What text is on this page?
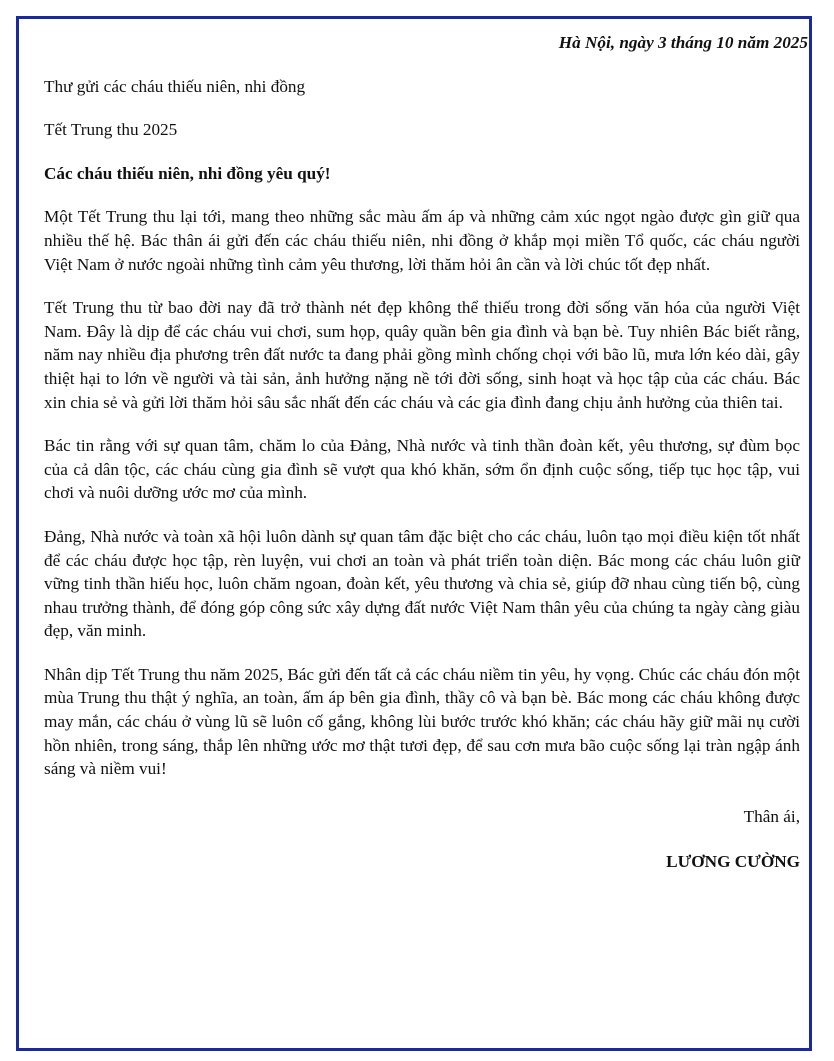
Hà Nội, ngày 3 tháng 10 năm 2025

Thư gửi các cháu thiếu niên, nhi đồng

Tết Trung thu 2025

Các cháu thiếu niên, nhi đồng yêu quý!

Một Tết Trung thu lại tới, mang theo những sắc màu ấm áp và những cảm xúc ngọt ngào được gìn giữ qua nhiều thế hệ. Bác thân ái gửi đến các cháu thiếu niên, nhi đồng ở khắp mọi miền Tổ quốc, các cháu người Việt Nam ở nước ngoài những tình cảm yêu thương, lời thăm hỏi ân cần và lời chúc tốt đẹp nhất.

Tết Trung thu từ bao đời nay đã trở thành nét đẹp không thể thiếu trong đời sống văn hóa của người Việt Nam. Đây là dịp để các cháu vui chơi, sum họp, quây quần bên gia đình và bạn bè. Tuy nhiên Bác biết rằng, năm nay nhiều địa phương trên đất nước ta đang phải gồng mình chống chọi với bão lũ, mưa lớn kéo dài, gây thiệt hại to lớn về người và tài sản, ảnh hưởng nặng nề tới đời sống, sinh hoạt và học tập của các cháu. Bác xin chia sẻ và gửi lời thăm hỏi sâu sắc nhất đến các cháu và các gia đình đang chịu ảnh hưởng của thiên tai.

Bác tin rằng với sự quan tâm, chăm lo của Đảng, Nhà nước và tinh thần đoàn kết, yêu thương, sự đùm bọc của cả dân tộc, các cháu cùng gia đình sẽ vượt qua khó khăn, sớm ổn định cuộc sống, tiếp tục học tập, vui chơi và nuôi dưỡng ước mơ của mình.

Đảng, Nhà nước và toàn xã hội luôn dành sự quan tâm đặc biệt cho các cháu, luôn tạo mọi điều kiện tốt nhất để các cháu được học tập, rèn luyện, vui chơi an toàn và phát triển toàn diện. Bác mong các cháu luôn giữ vững tinh thần hiếu học, luôn chăm ngoan, đoàn kết, yêu thương và chia sẻ, giúp đỡ nhau cùng tiến bộ, cùng nhau trưởng thành, để đóng góp công sức xây dựng đất nước Việt Nam thân yêu của chúng ta ngày càng giàu đẹp, văn minh.

Nhân dịp Tết Trung thu năm 2025, Bác gửi đến tất cả các cháu niềm tin yêu, hy vọng. Chúc các cháu đón một mùa Trung thu thật ý nghĩa, an toàn, ấm áp bên gia đình, thầy cô và bạn bè. Bác mong các cháu không được may mắn, các cháu ở vùng lũ sẽ luôn cố gắng, không lùi bước trước khó khăn; các cháu hãy giữ mãi nụ cười hồn nhiên, trong sáng, thắp lên những ước mơ thật tươi đẹp, để sau cơn mưa bão cuộc sống lại tràn ngập ánh sáng và niềm vui!

Thân ái,

LƯƠNG CƯỜNG
